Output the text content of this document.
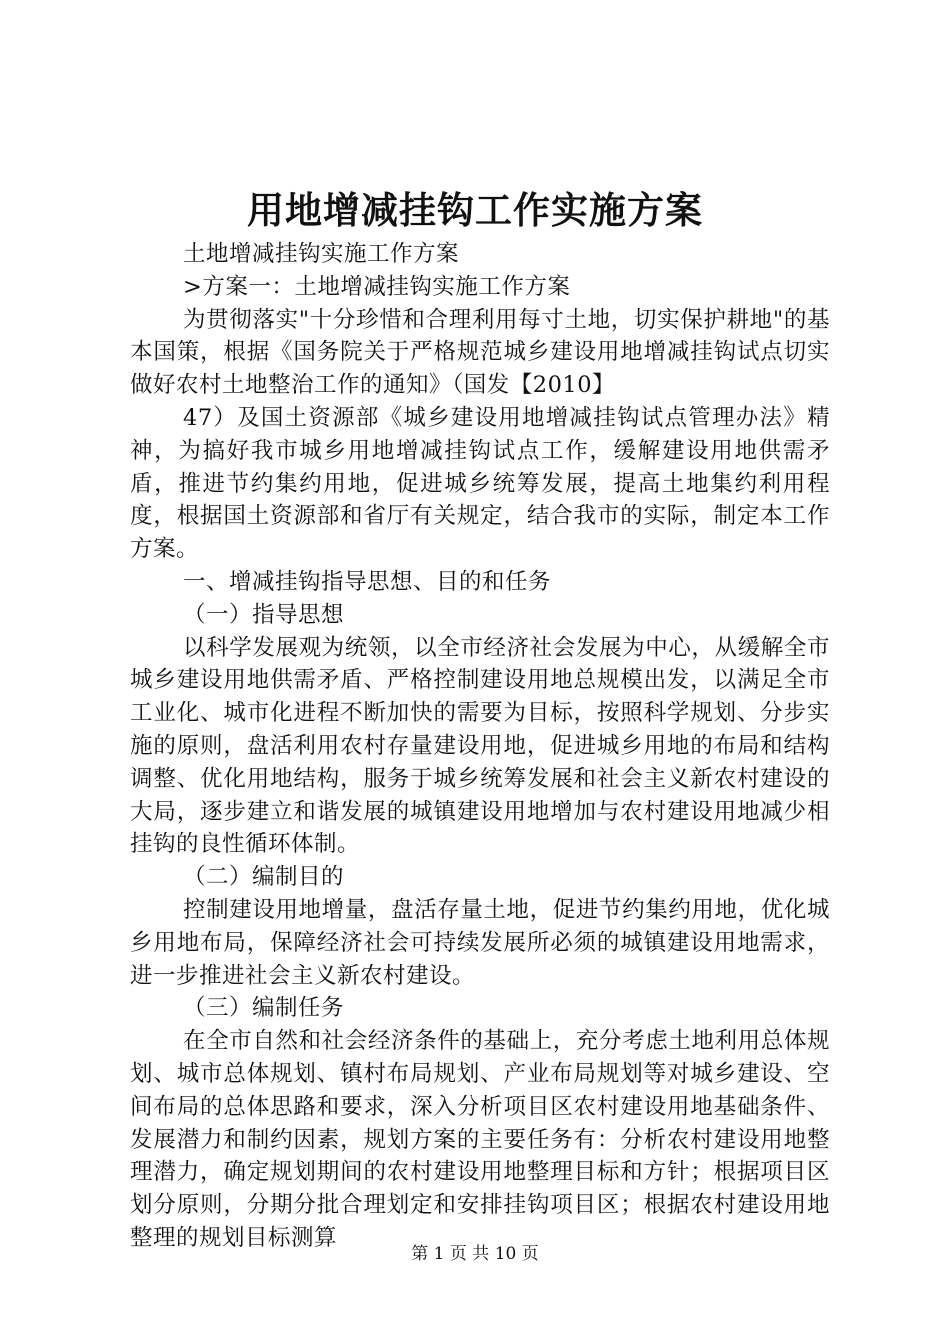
用地增减挂钩工作实施方案

土地增减挂钩实施工作方案

>方案一：土地增减挂钩实施工作方案

为贯彻落实"十分珍惜和合理利用每寸土地，切实保护耕地"的基本国策，根据《国务院关于严格规范城乡建设用地增减挂钩试点切实做好农村土地整治工作的通知》（国发【2010】

47）及国土资源部《城乡建设用地增减挂钩试点管理办法》精神，为搞好我市城乡用地增减挂钩试点工作，缓解建设用地供需矛盾，推进节约集约用地，促进城乡统筹发展，提高土地集约利用程度，根据国土资源部和省厅有关规定，结合我市的实际，制定本工作方案。

一、增减挂钩指导思想、目的和任务

（一）指导思想

以科学发展观为统领，以全市经济社会发展为中心，从缓解全市城乡建设用地供需矛盾、严格控制建设用地总规模出发，以满足全市工业化、城市化进程不断加快的需要为目标，按照科学规划、分步实施的原则，盘活利用农村存量建设用地，促进城乡用地的布局和结构调整、优化用地结构，服务于城乡统筹发展和社会主义新农村建设的大局，逐步建立和谐发展的城镇建设用地增加与农村建设用地减少相挂钩的良性循环体制。

（二）编制目的

控制建设用地增量，盘活存量土地，促进节约集约用地，优化城乡用地布局，保障经济社会可持续发展所必须的城镇建设用地需求，进一步推进社会主义新农村建设。

（三）编制任务

在全市自然和社会经济条件的基础上，充分考虑土地利用总体规划、城市总体规划、镇村布局规划、产业布局规划等对城乡建设、空间布局的总体思路和要求，深入分析项目区农村建设用地基础条件、发展潜力和制约因素，规划方案的主要任务有：分析农村建设用地整理潜力，确定规划期间的农村建设用地整理目标和方针；根据项目区划分原则，分期分批合理划定和安排挂钩项目区；根据农村建设用地整理的规划目标测算

第 1 页 共 10 页
